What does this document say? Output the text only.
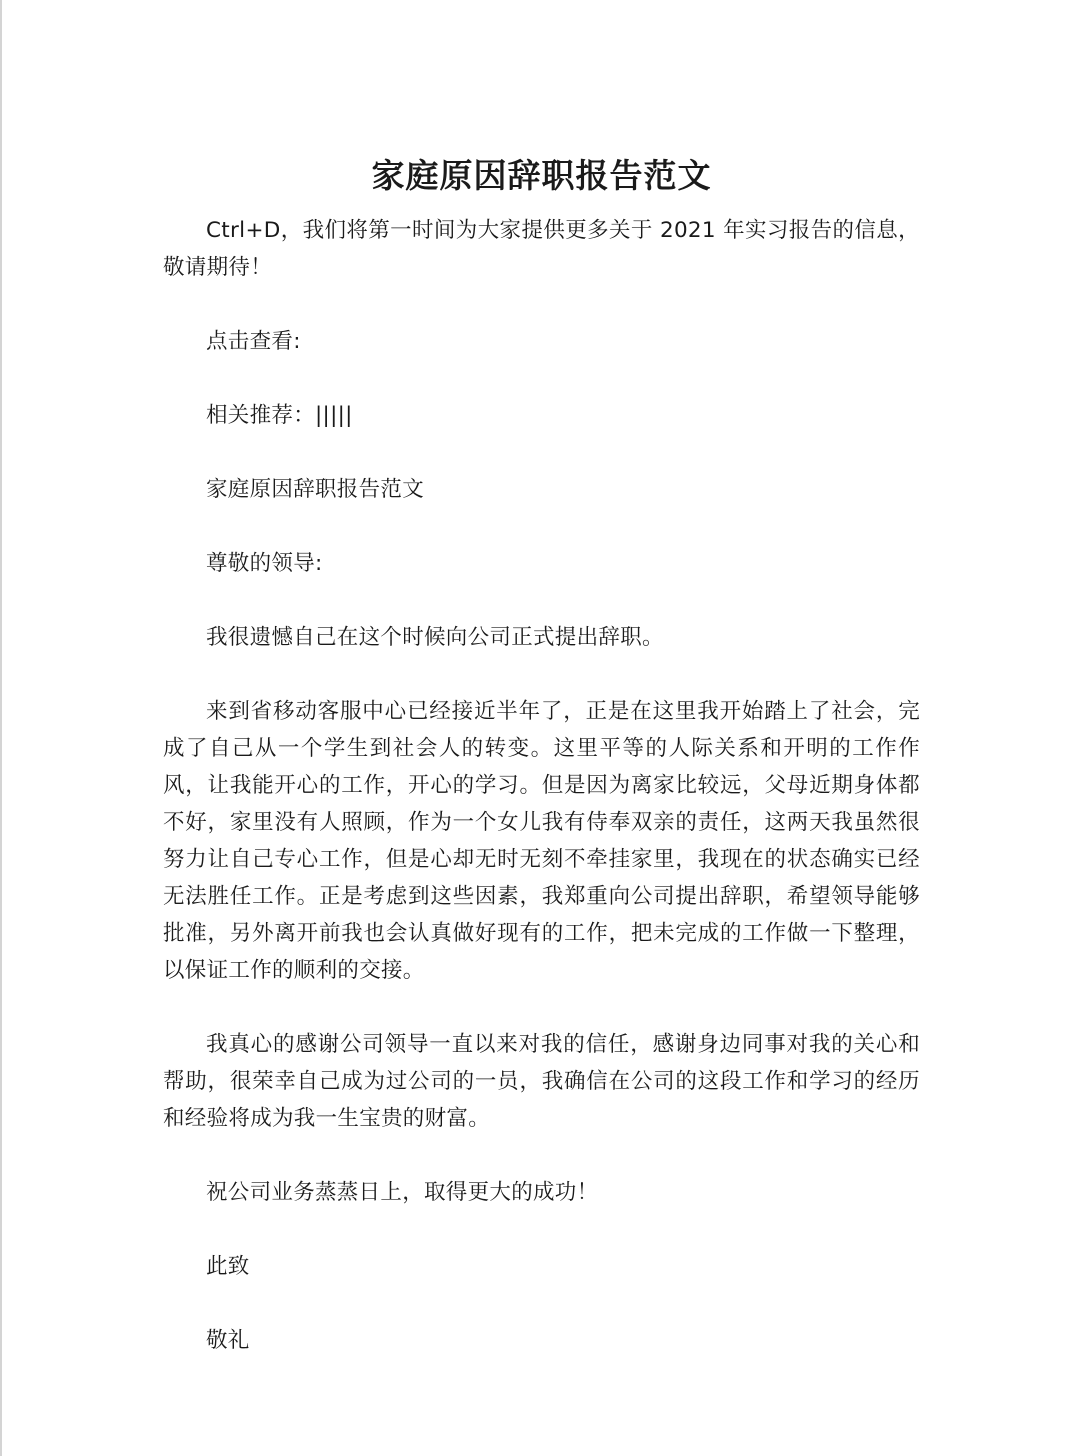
家庭原因辞职报告范文

Ctrl+D，我们将第一时间为大家提供更多关于 2021 年实习报告的信息，敬请期待！

点击查看:

相关推荐：|||||

家庭原因辞职报告范文

尊敬的领导:

我很遗憾自己在这个时候向公司正式提出辞职。

来到省移动客服中心已经接近半年了，正是在这里我开始踏上了社会，完成了自己从一个学生到社会人的转变。这里平等的人际关系和开明的工作作风，让我能开心的工作，开心的学习。但是因为离家比较远，父母近期身体都不好，家里没有人照顾，作为一个女儿我有侍奉双亲的责任，这两天我虽然很努力让自己专心工作，但是心却无时无刻不牵挂家里，我现在的状态确实已经无法胜任工作。正是考虑到这些因素，我郑重向公司提出辞职，希望领导能够批准，另外离开前我也会认真做好现有的工作，把未完成的工作做一下整理，以保证工作的顺利的交接。

我真心的感谢公司领导一直以来对我的信任，感谢身边同事对我的关心和帮助，很荣幸自己成为过公司的一员，我确信在公司的这段工作和学习的经历和经验将成为我一生宝贵的财富。

祝公司业务蒸蒸日上，取得更大的成功！

此致

敬礼
